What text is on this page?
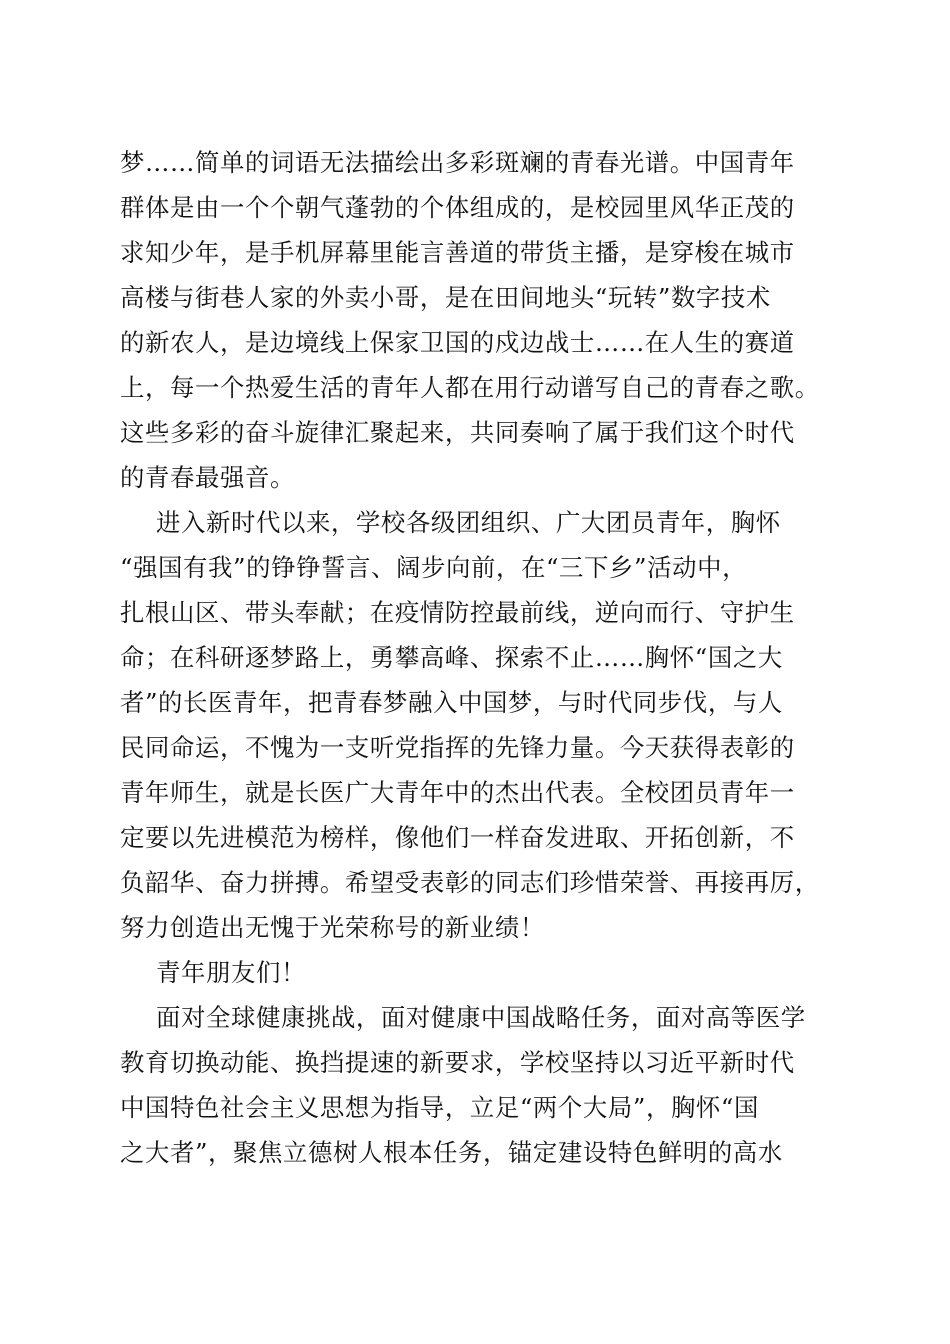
梦……简单的词语无法描绘出多彩斑斓的青春光谱。中国青年
群体是由一个个朝气蓬勃的个体组成的，是校园里风华正茂的
求知少年，是手机屏幕里能言善道的带货主播，是穿梭在城市
高楼与街巷人家的外卖小哥，是在田间地头“玩转”数字技术
的新农人，是边境线上保家卫国的戍边战士……在人生的赛道
上，每一个热爱生活的青年人都在用行动谱写自己的青春之歌。
这些多彩的奋斗旋律汇聚起来，共同奏响了属于我们这个时代
的青春最强音。
进入新时代以来，学校各级团组织、广大团员青年，胸怀
“强国有我”的铮铮誓言、阔步向前，在“三下乡”活动中，
扎根山区、带头奉献；在疫情防控最前线，逆向而行、守护生
命；在科研逐梦路上，勇攀高峰、探索不止……胸怀“国之大
者”的长医青年，把青春梦融入中国梦，与时代同步伐，与人
民同命运，不愧为一支听党指挥的先锋力量。今天获得表彰的
青年师生，就是长医广大青年中的杰出代表。全校团员青年一
定要以先进模范为榜样，像他们一样奋发进取、开拓创新，不
负韶华、奋力拼搏。希望受表彰的同志们珍惜荣誉、再接再厉，
努力创造出无愧于光荣称号的新业绩！
青年朋友们！
面对全球健康挑战，面对健康中国战略任务，面对高等医学
教育切换动能、换挡提速的新要求，学校坚持以习近平新时代
中国特色社会主义思想为指导，立足“两个大局”，胸怀“国
之大者”，聚焦立德树人根本任务，锚定建设特色鲜明的高水
